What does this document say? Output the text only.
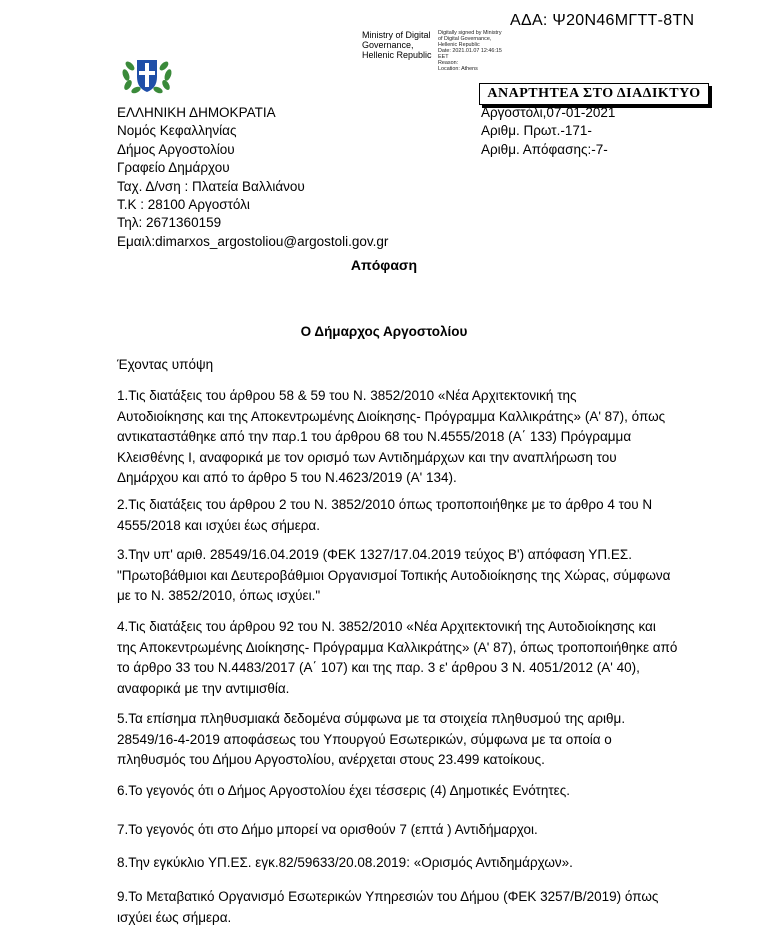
ΑΔΑ: Ψ20Ν46ΜΓΤΤ-8ΤΝ
Ministry of Digital
Governance,
Hellenic Republic
Digitally signed by Ministry
of Digital Governance,
Hellenic Republic
Date: 2021.01.07 12:46:15
EET
Reason:
Location: Athens
ΑΝΑΡΤΗΤΕΑ ΣΤΟ ΔΙΑΔΙΚΤΥΟ
ΕΛΛΗΝΙΚΗ ΔΗΜΟΚΡΑΤΙΑ
Νομός Κεφαλληνίας
Δήμος Αργοστολίου
Γραφείο Δημάρχου
Ταχ. Δ/νση : Πλατεία Βαλλιάνου
Τ.Κ : 28100 Αργοστόλι
Τηλ: 2671360159
Εμαιλ:dimarxos_argostoliou@argostoli.gov.gr
Αργοστόλι,07-01-2021
Αριθμ. Πρωτ.-171-
Αριθμ. Απόφασης:-7-
Απόφαση
Ο Δήμαρχος Αργοστολίου
Έχοντας υπόψη
1.Τις διατάξεις του άρθρου 58 & 59 του Ν. 3852/2010 «Νέα Αρχιτεκτονική της
Αυτοδιοίκησης και της Αποκεντρωμένης Διοίκησης- Πρόγραμμα Καλλικράτης» (Α' 87), όπως
αντικαταστάθηκε από την παρ.1 του άρθρου 68 του Ν.4555/2018 (Α΄ 133) Πρόγραμμα
Κλεισθένης Ι, αναφορικά με τον ορισμό των Αντιδημάρχων και την αναπλήρωση του
Δημάρχου και από το άρθρο 5 του Ν.4623/2019 (Α' 134).
2.Τις διατάξεις του άρθρου 2 του Ν. 3852/2010 όπως τροποποιήθηκε με το άρθρο 4 του Ν
4555/2018 και ισχύει έως σήμερα.
3.Την υπ' αριθ. 28549/16.04.2019 (ΦΕΚ 1327/17.04.2019 τεύχος Β') απόφαση ΥΠ.ΕΣ.
"Πρωτοβάθμιοι και Δευτεροβάθμιοι Οργανισμοί Τοπικής Αυτοδιοίκησης της Χώρας, σύμφωνα
με το Ν. 3852/2010, όπως ισχύει."
4.Τις διατάξεις του άρθρου 92 του Ν. 3852/2010 «Νέα Αρχιτεκτονική της Αυτοδιοίκησης και
της Αποκεντρωμένης Διοίκησης- Πρόγραμμα Καλλικράτης» (Α' 87), όπως τροποποιήθηκε από
το άρθρο 33 του Ν.4483/2017 (Α΄ 107) και της παρ. 3 ε' άρθρου 3 Ν. 4051/2012 (Α' 40),
αναφορικά με την αντιμισθία.
5.Τα επίσημα πληθυσμιακά δεδομένα σύμφωνα με τα στοιχεία πληθυσμού της αριθμ.
28549/16-4-2019 αποφάσεως του Υπουργού Εσωτερικών, σύμφωνα με τα οποία ο
πληθυσμός του Δήμου Αργοστολίου, ανέρχεται στους 23.499 κατοίκους.
6.Το γεγονός ότι ο Δήμος Αργοστολίου έχει τέσσερις (4) Δημοτικές Ενότητες.
7.Το γεγονός ότι στο Δήμο μπορεί να ορισθούν 7 (επτά ) Αντιδήμαρχοι.
8.Την εγκύκλιο ΥΠ.ΕΣ. εγκ.82/59633/20.08.2019: «Ορισμός Αντιδημάρχων».
9.Το Μεταβατικό Οργανισμό Εσωτερικών Υπηρεσιών του Δήμου (ΦΕΚ 3257/Β/2019) όπως
ισχύει έως σήμερα.
